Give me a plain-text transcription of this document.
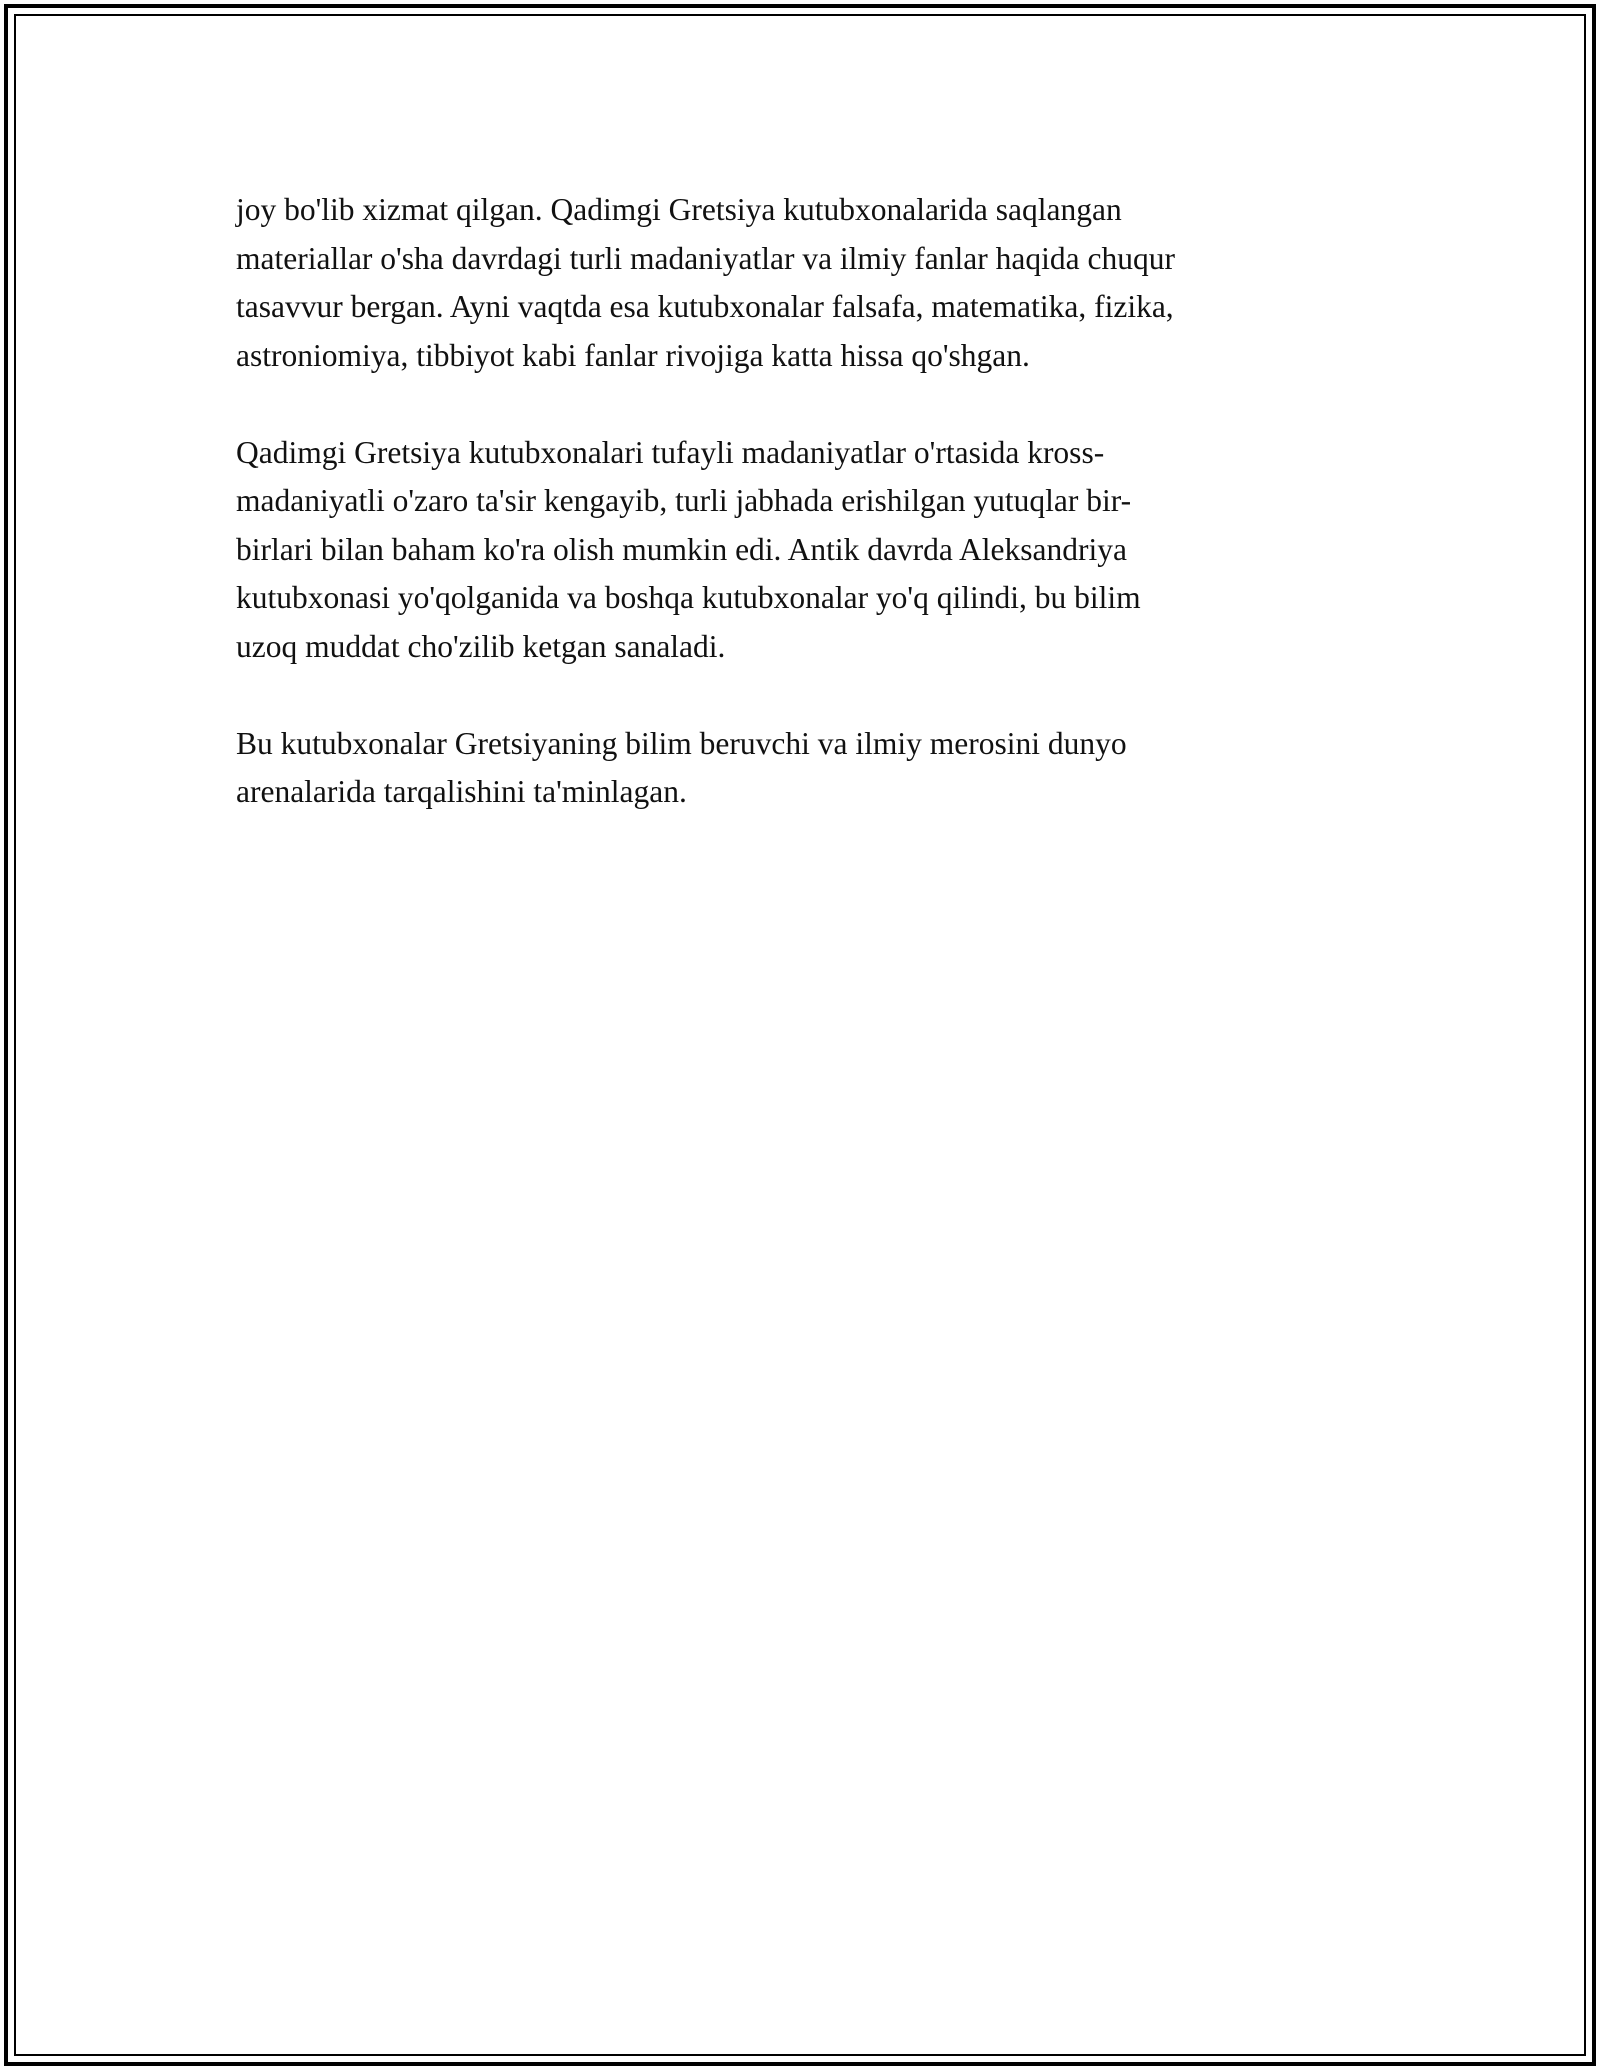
joy bo'lib xizmat qilgan. Qadimgi Gretsiya kutubxonalarida saqlangan
materiallar o'sha davrdagi turli madaniyatlar va ilmiy fanlar haqida chuqur
tasavvur bergan. Ayni vaqtda esa kutubxonalar falsafa, matematika, fizika,
astroniomiya, tibbiyot kabi fanlar rivojiga katta hissa qo'shgan.

Qadimgi Gretsiya kutubxonalari tufayli madaniyatlar o'rtasida kross-
madaniyatli o'zaro ta'sir kengayib, turli jabhada erishilgan yutuqlar bir-
birlari bilan baham ko'ra olish mumkin edi. Antik davrda Aleksandriya
kutubxonasi yo'qolganida va boshqa kutubxonalar yo'q qilindi, bu bilim
uzoq muddat cho'zilib ketgan sanaladi.

Bu kutubxonalar Gretsiyaning bilim beruvchi va ilmiy merosini dunyo
arenalarida tarqalishini ta'minlagan.
